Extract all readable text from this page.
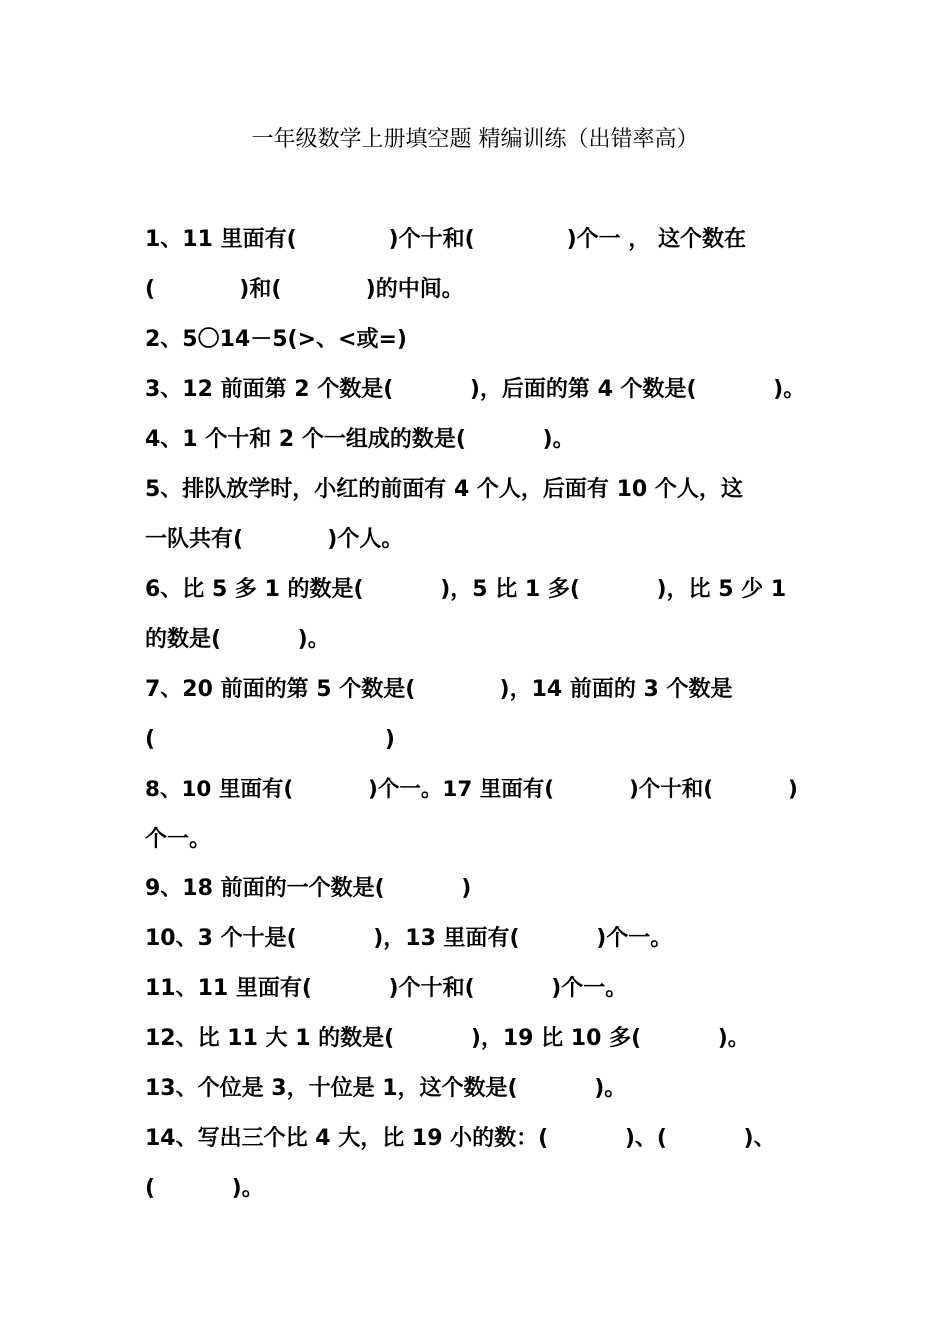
一年级数学上册填空题 精编训练（出错率高）
1、11 里面有(            )个十和(            )个一 ， 这个数在
(           )和(           )的中间。
2、5〇14－5(>、<或=)
3、12 前面第 2 个数是(          )，后面的第 4 个数是(          )。
4、1 个十和 2 个一组成的数是(          )。
5、排队放学时，小红的前面有 4 个人，后面有 10 个人，这
一队共有(           )个人。
6、比 5 多 1 的数是(          )，5 比 1 多(          )，比 5 少 1
的数是(          )。
7、20 前面的第 5 个数是(           )，14 前面的 3 个数是
(                              )
8、10 里面有(          )个一。17 里面有(          )个十和(          )
个一。
9、18 前面的一个数是(          )
10、3 个十是(          )，13 里面有(          )个一。
11、11 里面有(          )个十和(          )个一。
12、比 11 大 1 的数是(          )，19 比 10 多(          )。
13、个位是 3，十位是 1，这个数是(          )。
14、写出三个比 4 大，比 19 小的数：(          )、(          )、
(          )。
